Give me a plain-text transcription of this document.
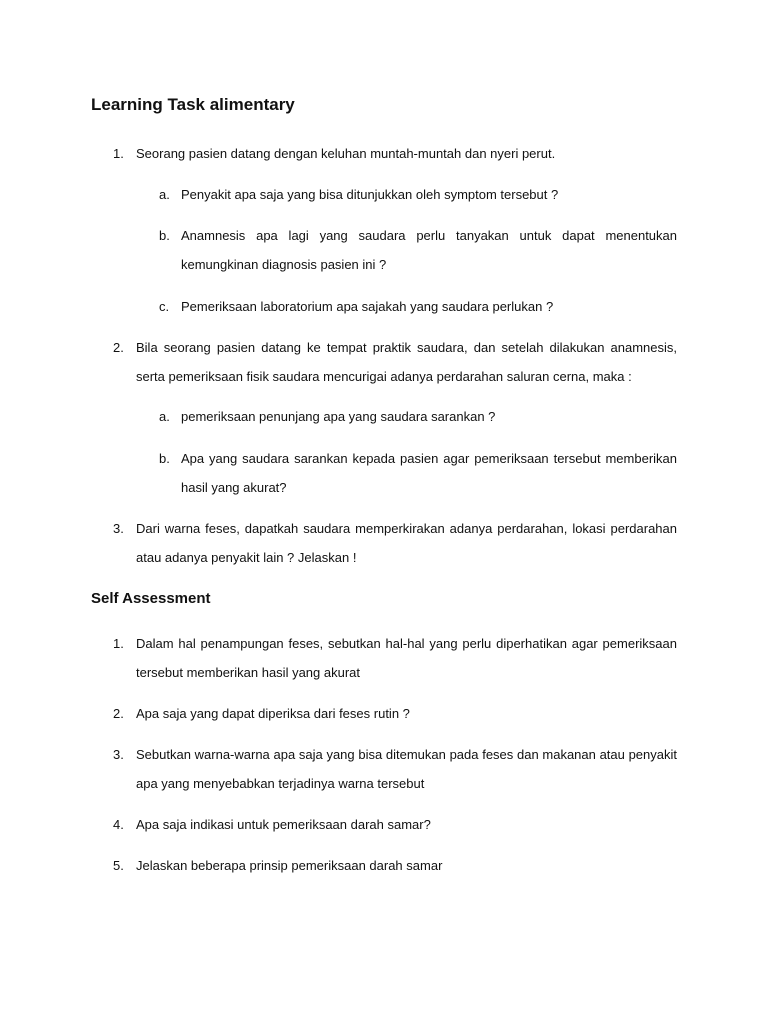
Learning Task alimentary
1. Seorang pasien datang dengan keluhan muntah-muntah dan nyeri perut.
a. Penyakit apa saja yang bisa ditunjukkan oleh symptom tersebut ?
b. Anamnesis apa lagi yang saudara perlu tanyakan untuk dapat menentukan kemungkinan diagnosis pasien ini ?
c. Pemeriksaan laboratorium apa sajakah yang saudara perlukan ?
2. Bila seorang pasien datang ke tempat praktik saudara, dan setelah dilakukan anamnesis, serta pemeriksaan fisik saudara mencurigai adanya perdarahan saluran cerna, maka :
a. pemeriksaan penunjang apa yang saudara sarankan ?
b. Apa yang saudara sarankan kepada pasien agar pemeriksaan tersebut memberikan hasil yang akurat?
3. Dari warna feses, dapatkah saudara memperkirakan adanya perdarahan, lokasi perdarahan atau adanya penyakit lain ? Jelaskan !
Self Assessment
1. Dalam hal penampungan feses, sebutkan hal-hal yang perlu diperhatikan agar pemeriksaan tersebut memberikan hasil yang akurat
2. Apa saja yang dapat diperiksa dari feses rutin ?
3. Sebutkan warna-warna apa saja yang bisa ditemukan pada feses dan makanan atau penyakit apa yang menyebabkan terjadinya warna tersebut
4. Apa saja indikasi untuk pemeriksaan darah samar?
5. Jelaskan beberapa prinsip pemeriksaan darah samar
